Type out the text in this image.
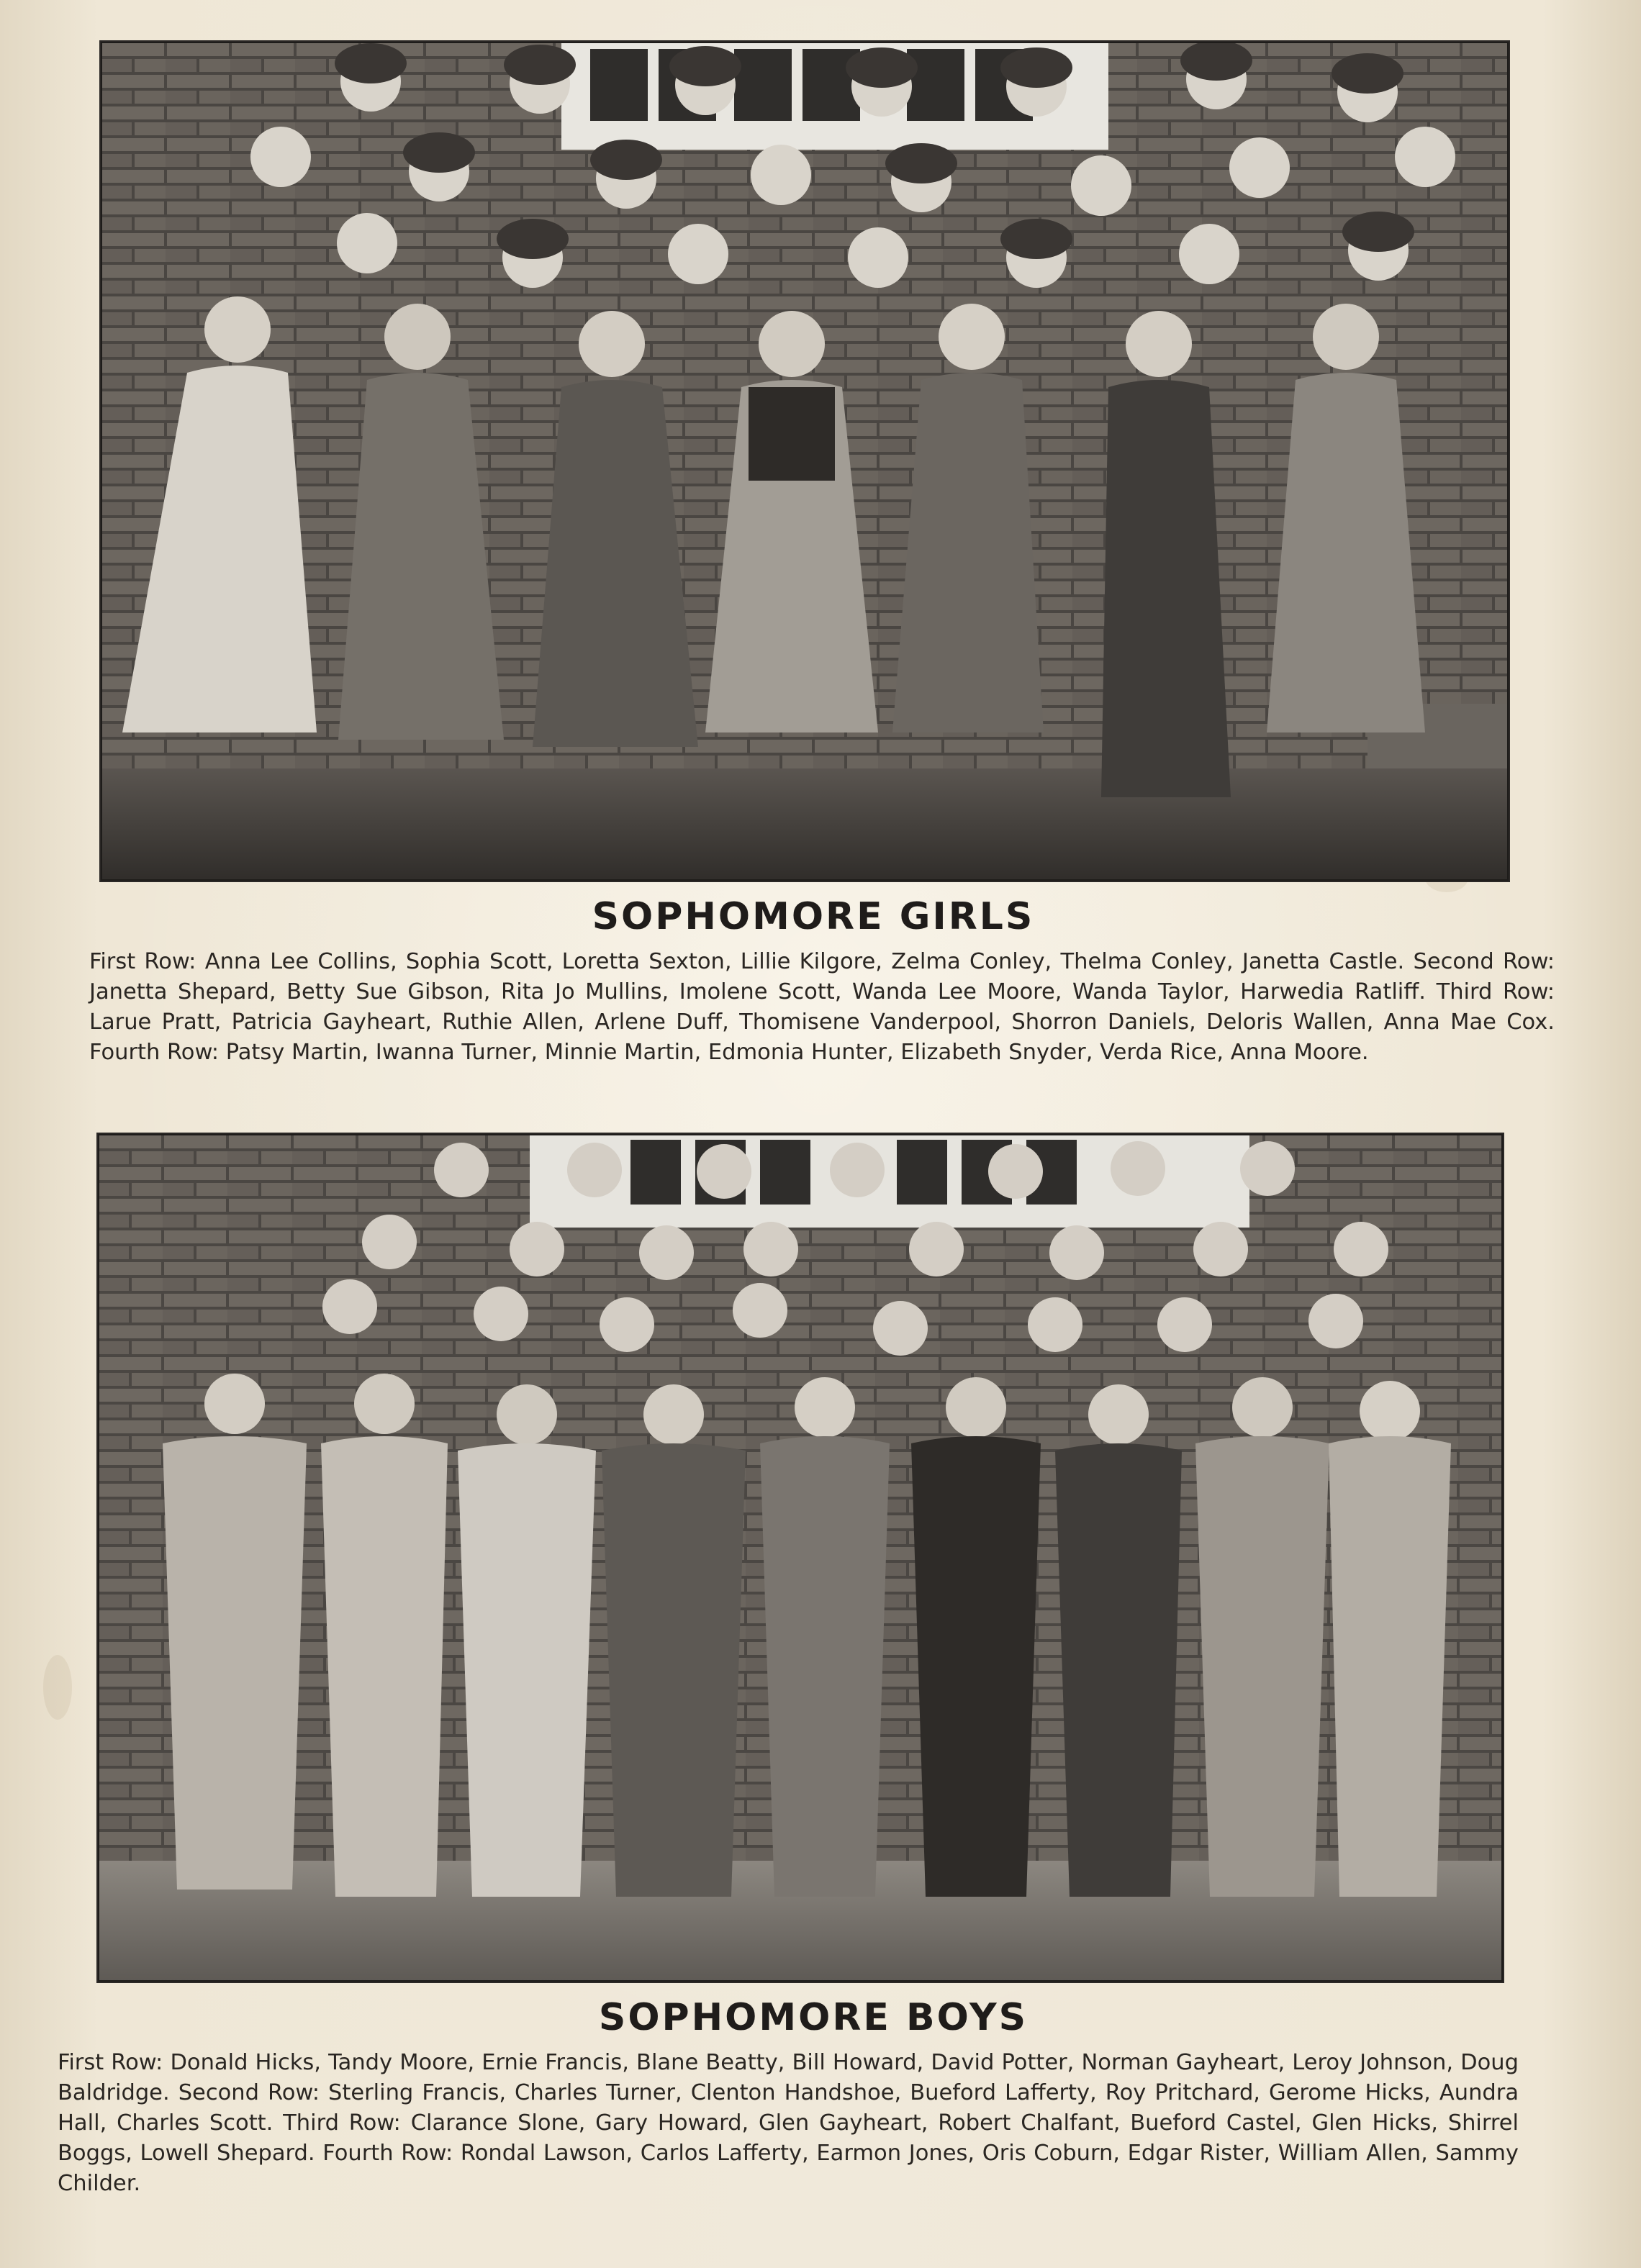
SOPHOMORE GIRLS
First Row: Anna Lee Collins, Sophia Scott, Loretta Sexton, Lillie Kilgore, Zelma Conley, Thelma Conley, Janetta Castle. Second Row: Janetta Shepard, Betty Sue Gibson, Rita Jo Mullins, Imolene Scott, Wanda Lee Moore, Wanda Taylor, Harwedia Ratliff. Third Row: Larue Pratt, Patricia Gayheart, Ruthie Allen, Arlene Duff, Thomisene Vanderpool, Shorron Daniels, Deloris Wallen, Anna Mae Cox. Fourth Row: Patsy Martin, Iwanna Turner, Minnie Martin, Edmonia Hunter, Elizabeth Snyder, Verda Rice, Anna Moore.
SOPHOMORE BOYS
First Row: Donald Hicks, Tandy Moore, Ernie Francis, Blane Beatty, Bill Howard, David Potter, Norman Gayheart, Leroy Johnson, Doug Baldridge. Second Row: Sterling Francis, Charles Turner, Clenton Handshoe, Bueford Lafferty, Roy Pritchard, Gerome Hicks, Aundra Hall, Charles Scott. Third Row: Clarance Slone, Gary Howard, Glen Gayheart, Robert Chalfant, Bueford Castel, Glen Hicks, Shirrel Boggs, Lowell Shepard. Fourth Row: Rondal Lawson, Carlos Lafferty, Earmon Jones, Oris Coburn, Edgar Rister, William Allen, Sammy Childer.
